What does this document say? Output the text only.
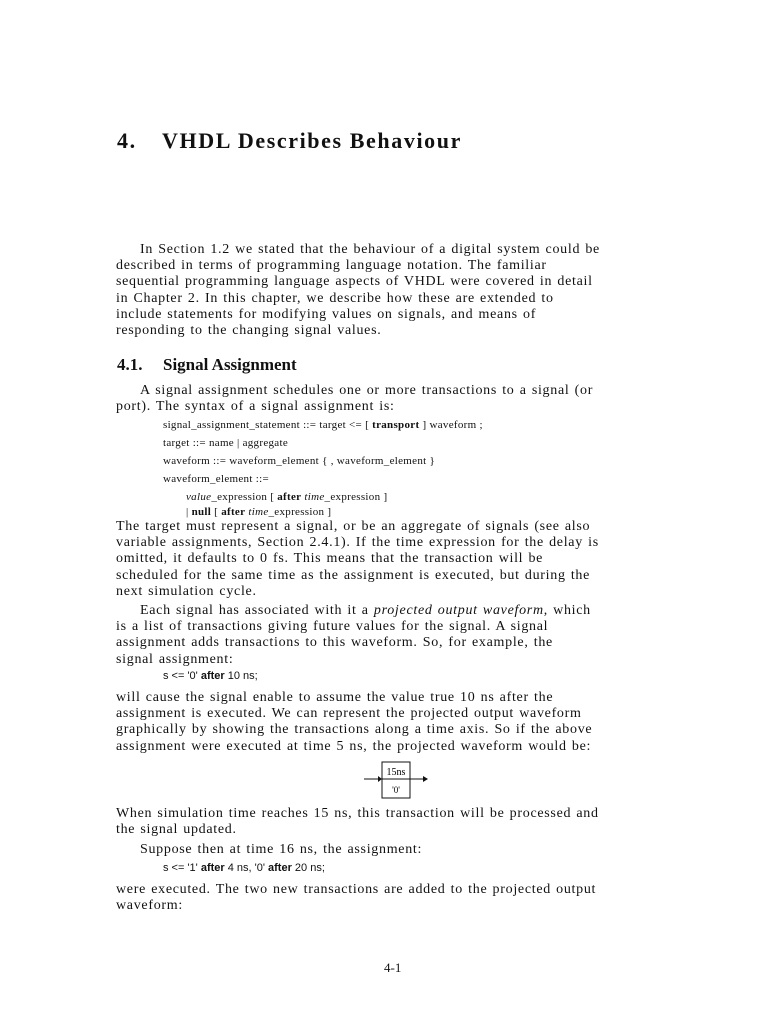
4. VHDL Describes Behaviour

In Section 1.2 we stated that the behaviour of a digital system could be
described in terms of programming language notation. The familiar
sequential programming language aspects of VHDL were covered in detail
in Chapter 2. In this chapter, we describe how these are extended to
include statements for modifying values on signals, and means of
responding to the changing signal values.

4.1. Signal Assignment

A signal assignment schedules one or more transactions to a signal (or
port). The syntax of a signal assignment is:

signal_assignment_statement ::= target <= [ transport ] waveform ;
target ::= name | aggregate
waveform ::= waveform_element { , waveform_element }
waveform_element ::=
value_expression [ after time_expression ]
| null [ after time_expression ]

The target must represent a signal, or be an aggregate of signals (see also
variable assignments, Section 2.4.1). If the time expression for the delay is
omitted, it defaults to 0 fs. This means that the transaction will be
scheduled for the same time as the assignment is executed, but during the
next simulation cycle.

Each signal has associated with it a projected output waveform, which
is a list of transactions giving future values for the signal. A signal
assignment adds transactions to this waveform. So, for example, the
signal assignment:

s <= '0' after 10 ns;

will cause the signal enable to assume the value true 10 ns after the
assignment is executed. We can represent the projected output waveform
graphically by showing the transactions along a time axis. So if the above
assignment were executed at time 5 ns, the projected waveform would be:

15ns
'0'

When simulation time reaches 15 ns, this transaction will be processed and
the signal updated.

Suppose then at time 16 ns, the assignment:

s <= '1' after 4 ns, '0' after 20 ns;

were executed. The two new transactions are added to the projected output
waveform:

4-1
